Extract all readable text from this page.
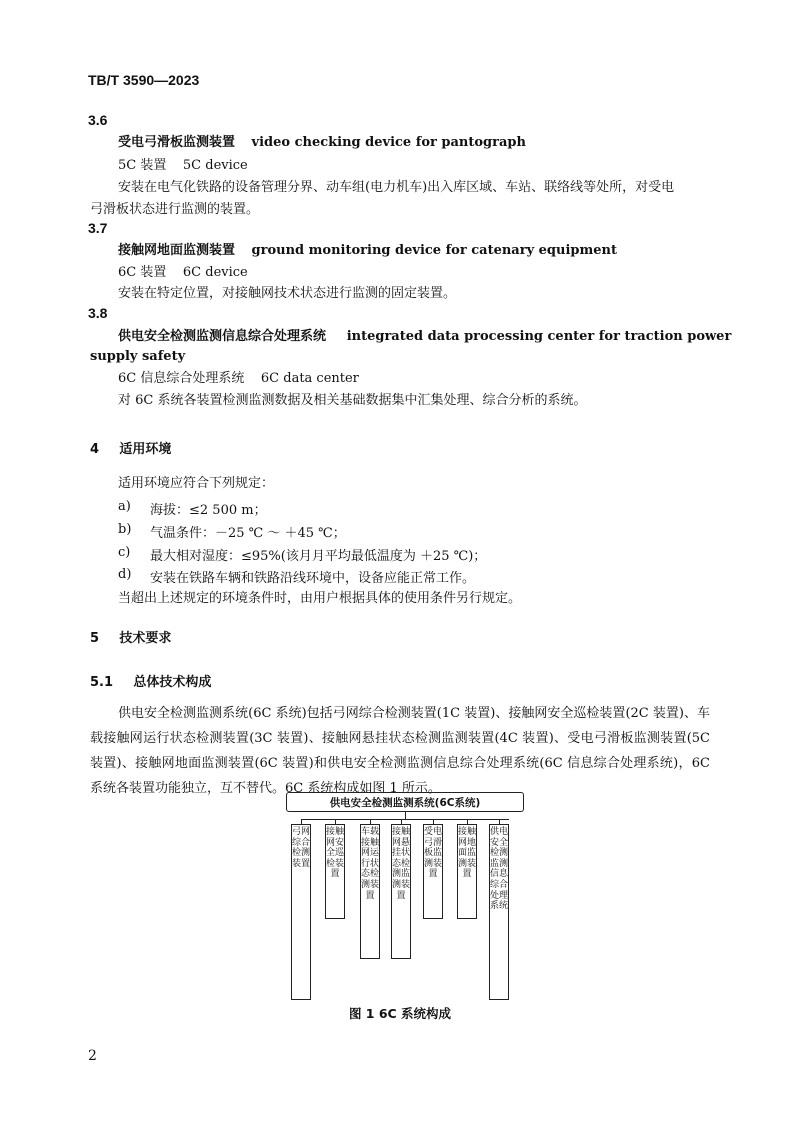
TB/T 3590—2023
3.6
受电弓滑板监测装置 video checking device for pantograph
5C 装置 5C device
安装在电气化铁路的设备管理分界、动车组(电力机车)出入库区域、车站、联络线等处所，对受电
弓滑板状态进行监测的装置。
3.7
接触网地面监测装置 ground monitoring device for catenary equipment
6C 装置 6C device
安装在特定位置，对接触网技术状态进行监测的固定装置。
3.8
供电安全检测监测信息综合处理系统 integrated data processing center for traction power
supply safety
6C 信息综合处理系统 6C data center
对 6C 系统各装置检测监测数据及相关基础数据集中汇集处理、综合分析的系统。
4 适用环境
适用环境应符合下列规定：
a) 海拔：≤2 500 m；
b) 气温条件：－25 ℃ ～ ＋45 ℃；
c) 最大相对湿度：≤95%(该月月平均最低温度为 ＋25 ℃)；
d) 安装在铁路车辆和铁路沿线环境中，设备应能正常工作。
当超出上述规定的环境条件时，由用户根据具体的使用条件另行规定。
5 技术要求
5.1 总体技术构成
供电安全检测监测系统(6C 系统)包括弓网综合检测装置(1C 装置)、接触网安全巡检装置(2C 装置)、车载接触网运行状态检测装置(3C 装置)、接触网悬挂状态检测监测装置(4C 装置)、受电弓滑板监测装置(5C 装置)、接触网地面监测装置(6C 装置)和供电安全检测监测信息综合处理系统(6C 信息综合处理系统)，6C 系统各装置功能独立，互不替代。6C 系统构成如图 1 所示。
供电安全检测监测系统(6C系统)
弓网综合检测装置
接触网安全巡检装置
车载接触网运行状态检测装置
接触网悬挂状态检测监测装置
受电弓滑板监测装置
接触网地面监测装置
供电安全检测监测信息综合处理系统
图 1 6C 系统构成
2
